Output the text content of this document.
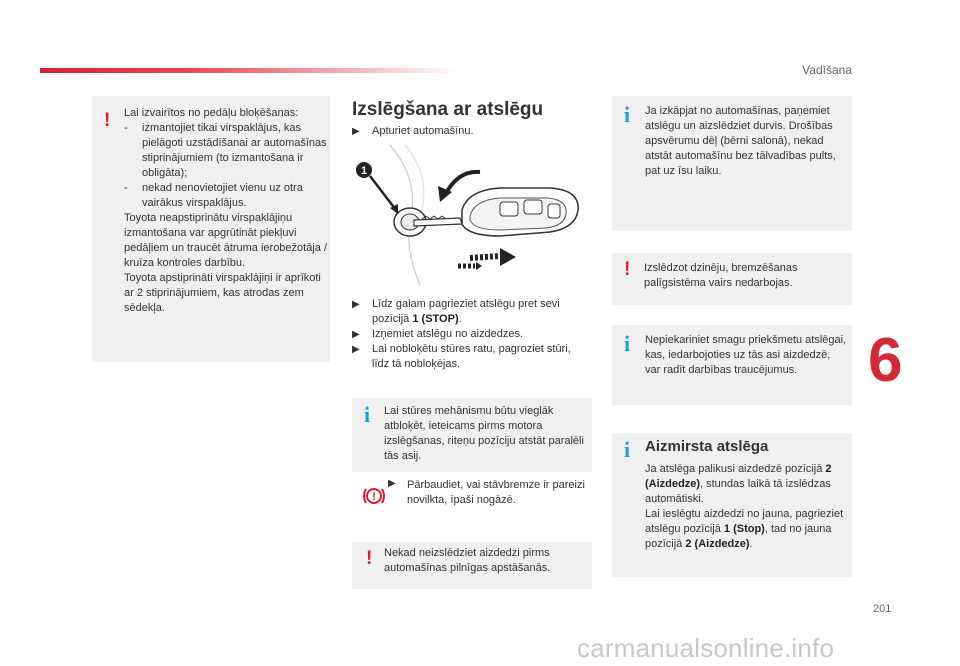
Vadīšana
6
201
carmanualsonline.info
! Lai izvairītos no pedāļu bloķēšanas:

-	izmantojiet tikai virspaklājus, kas pielāgoti uzstādīšanai ar automašīnas stiprinājumiem (to izmantošana ir obligāta);

-	nekad nenovietojiet vienu uz otra vairākus virspaklājus.

Toyota neapstiprinātu virspaklājiņu izmantošana var apgrūtināt piekļuvi pedāļiem un traucēt ātruma ierobežotāja / kruīza kontroles darbību.

Toyota apstiprināti virspaklājiņi ir aprīkoti ar 2 stiprinājumiem, kas atrodas zem sēdekļa.

Izslēgšana ar atslēgu
▶ Apturiet automašīnu.
1
▶ Līdz galam pagrieziet atslēgu pret sevi pozīcijā 1 (STOP).
▶ Izņemiet atslēgu no aizdedzes.
▶ Lai nobloķētu stūres ratu, pagroziet stūri, līdz tā nobloķējas.
i Lai stūres mehānismu būtu vieglāk atbloķēt, ieteicams pirms motora izslēgšanas, riteņu pozīciju atstāt paralēli tās asij.

!
▶ Pārbaudiet, vai stāvbremze ir pareizi novilkta, īpaši nogāzē.

! Nekad neizslēdziet aizdedzi pirms automašīnas pilnīgas apstāšanās.

i Ja izkāpjat no automašīnas, paņemiet atslēgu un aizslēdziet durvis. Drošības apsvērumu dēļ (bērni salonā), nekad atstāt automašīnu bez tālvadības pults, pat uz īsu laiku.

! Izslēdzot dzinēju, bremzēšanas palīgsistēma vairs nedarbojas.

i Nepiekariniet smagu priekšmetu atslēgai, kas, iedarbojoties uz tās asi aizdedzē, var radīt darbības traucējumus.

i Aizmirsta atslēga

Ja atslēga palikusi aizdedzē pozīcijā 2 (Aizdedze), stundas laikā tā izslēdzas automātiski.

Lai ieslēgtu aizdedzi no jauna, pagrieziet atslēgu pozīcijā 1 (Stop), tad no jauna pozīcijā 2 (Aizdedze).
